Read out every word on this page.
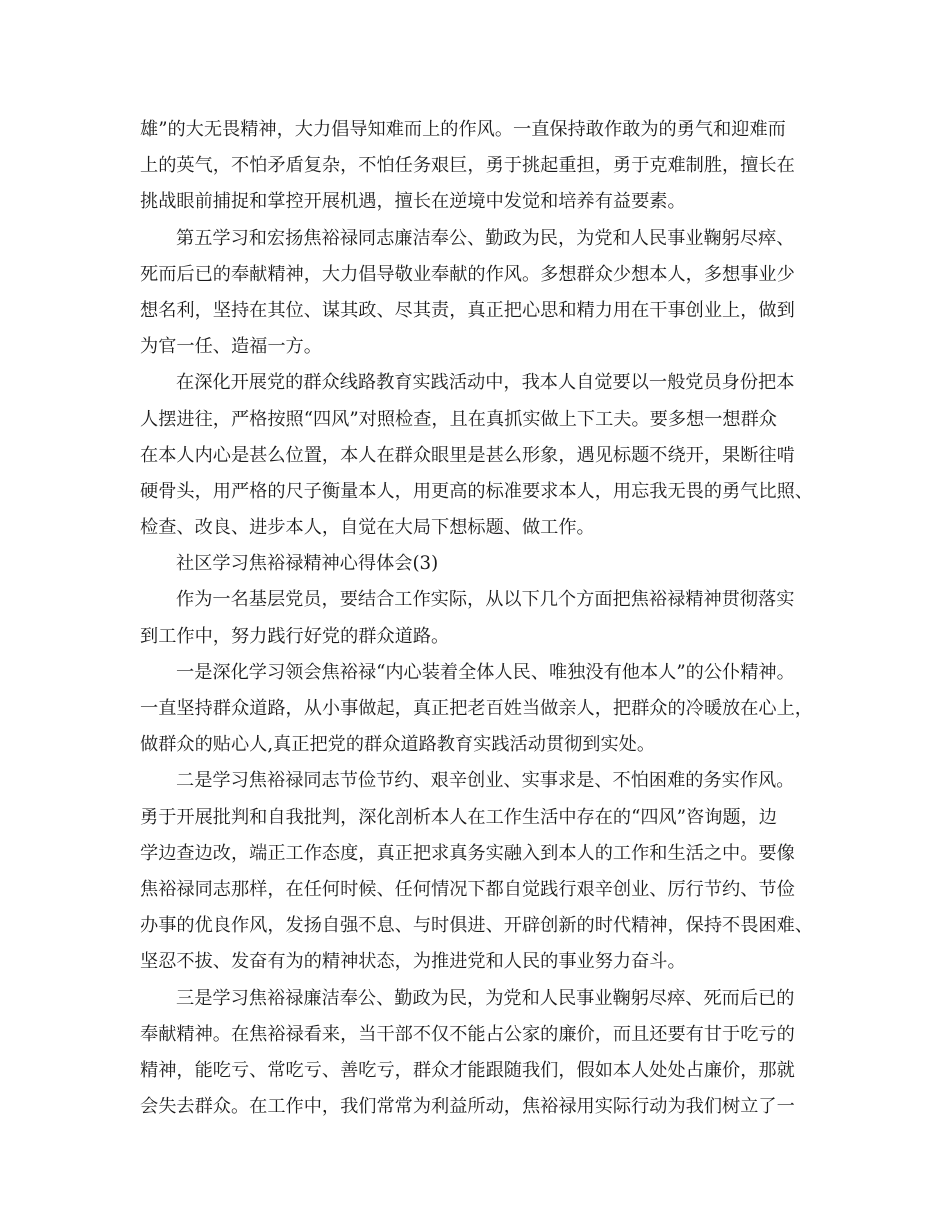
雄”的大无畏精神，大力倡导知难而上的作风。一直保持敢作敢为的勇气和迎难而
上的英气，不怕矛盾复杂，不怕任务艰巨，勇于挑起重担，勇于克难制胜，擅长在
挑战眼前捕捉和掌控开展机遇，擅长在逆境中发觉和培养有益要素。
第五学习和宏扬焦裕禄同志廉洁奉公、勤政为民，为党和人民事业鞠躬尽瘁、
死而后已的奉献精神，大力倡导敬业奉献的作风。多想群众少想本人，多想事业少
想名利，坚持在其位、谋其政、尽其责，真正把心思和精力用在干事创业上，做到
为官一任、造福一方。
在深化开展党的群众线路教育实践活动中，我本人自觉要以一般党员身份把本
人摆进往，严格按照“四风”对照检查，且在真抓实做上下工夫。要多想一想群众
在本人内心是甚么位置，本人在群众眼里是甚么形象，遇见标题不绕开，果断往啃
硬骨头，用严格的尺子衡量本人，用更高的标准要求本人，用忘我无畏的勇气比照、
检查、改良、进步本人，自觉在大局下想标题、做工作。
社区学习焦裕禄精神心得体会(3)
作为一名基层党员，要结合工作实际，从以下几个方面把焦裕禄精神贯彻落实
到工作中，努力践行好党的群众道路。
一是深化学习领会焦裕禄“内心装着全体人民、唯独没有他本人”的公仆精神。
一直坚持群众道路，从小事做起，真正把老百姓当做亲人，把群众的冷暖放在心上，
做群众的贴心人,真正把党的群众道路教育实践活动贯彻到实处。
二是学习焦裕禄同志节俭节约、艰辛创业、实事求是、不怕困难的务实作风。
勇于开展批判和自我批判，深化剖析本人在工作生活中存在的“四风”咨询题，边
学边查边改，端正工作态度，真正把求真务实融入到本人的工作和生活之中。要像
焦裕禄同志那样，在任何时候、任何情况下都自觉践行艰辛创业、厉行节约、节俭
办事的优良作风，发扬自强不息、与时俱进、开辟创新的时代精神，保持不畏困难、
坚忍不拔、发奋有为的精神状态，为推进党和人民的事业努力奋斗。
三是学习焦裕禄廉洁奉公、勤政为民，为党和人民事业鞠躬尽瘁、死而后已的
奉献精神。在焦裕禄看来，当干部不仅不能占公家的廉价，而且还要有甘于吃亏的
精神，能吃亏、常吃亏、善吃亏，群众才能跟随我们，假如本人处处占廉价，那就
会失去群众。在工作中，我们常常为利益所动，焦裕禄用实际行动为我们树立了一
